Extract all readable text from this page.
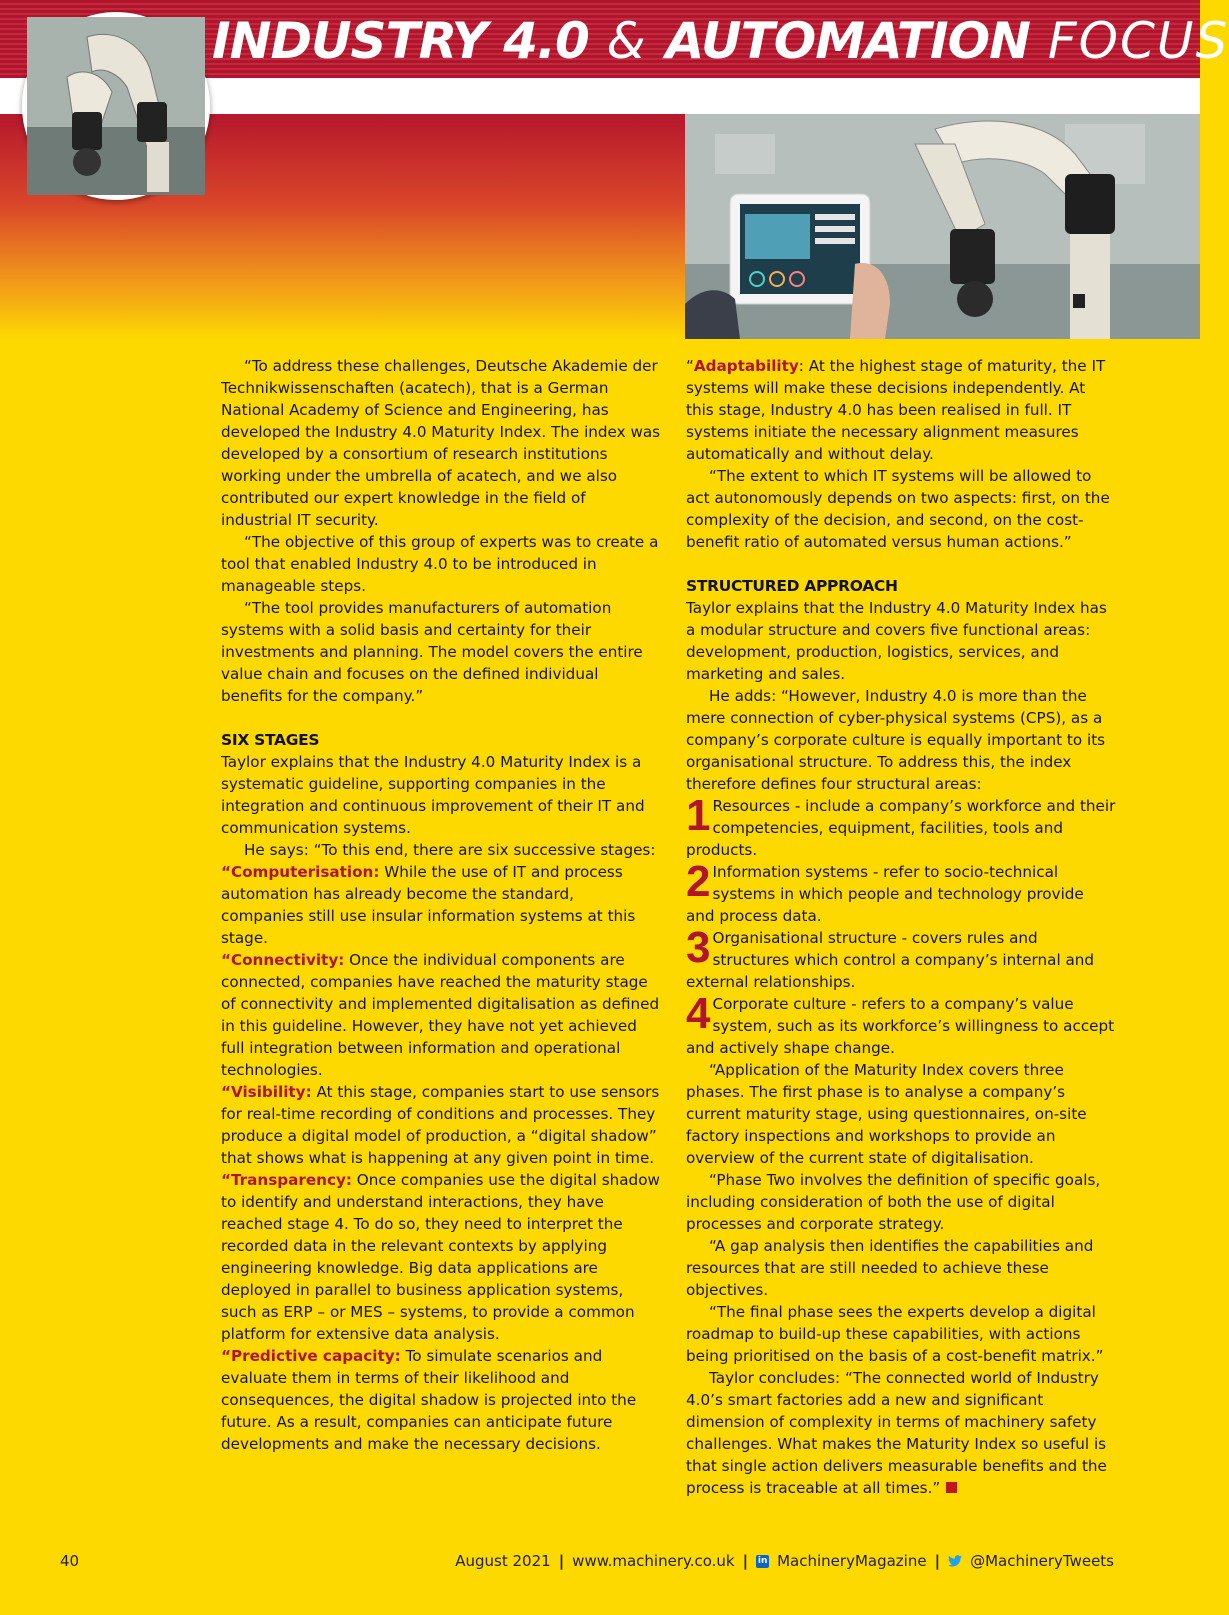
INDUSTRY 4.0 & AUTOMATION FOCUS

“To address these challenges, Deutsche Akademie der Technikwissenschaften (acatech), that is a German National Academy of Science and Engineering, has developed the Industry 4.0 Maturity Index. The index was developed by a consortium of research institutions working under the umbrella of acatech, and we also contributed our expert knowledge in the field of industrial IT security.

“The objective of this group of experts was to create a tool that enabled Industry 4.0 to be introduced in manageable steps.

“The tool provides manufacturers of automation systems with a solid basis and certainty for their investments and planning. The model covers the entire value chain and focuses on the defined individual benefits for the company.”

SIX STAGES

Taylor explains that the Industry 4.0 Maturity Index is a systematic guideline, supporting companies in the integration and continuous improvement of their IT and communication systems.

He says: “To this end, there are six successive stages:

“Computerisation: While the use of IT and process automation has already become the standard, companies still use insular information systems at this stage.

“Connectivity: Once the individual components are connected, companies have reached the maturity stage of connectivity and implemented digitalisation as defined in this guideline. However, they have not yet achieved full integration between information and operational technologies.

“Visibility: At this stage, companies start to use sensors for real-time recording of conditions and processes. They produce a digital model of production, a “digital shadow” that shows what is happening at any given point in time.

“Transparency: Once companies use the digital shadow to identify and understand interactions, they have reached stage 4. To do so, they need to interpret the recorded data in the relevant contexts by applying engineering knowledge. Big data applications are deployed in parallel to business application systems, such as ERP – or MES – systems, to provide a common platform for extensive data analysis.

“Predictive capacity: To simulate scenarios and evaluate them in terms of their likelihood and consequences, the digital shadow is projected into the future. As a result, companies can anticipate future developments and make the necessary decisions.

“Adaptability: At the highest stage of maturity, the IT systems will make these decisions independently. At this stage, Industry 4.0 has been realised in full. IT systems initiate the necessary alignment measures automatically and without delay.

“The extent to which IT systems will be allowed to act autonomously depends on two aspects: first, on the complexity of the decision, and second, on the cost-benefit ratio of automated versus human actions.”

STRUCTURED APPROACH

Taylor explains that the Industry 4.0 Maturity Index has a modular structure and covers five functional areas: development, production, logistics, services, and marketing and sales.

He adds: “However, Industry 4.0 is more than the mere connection of cyber-physical systems (CPS), as a company’s corporate culture is equally important to its organisational structure. To address this, the index therefore defines four structural areas:

1 Resources - include a company’s workforce and their competencies, equipment, facilities, tools and products.

2 Information systems - refer to socio-technical systems in which people and technology provide and process data.

3 Organisational structure - covers rules and structures which control a company’s internal and external relationships.

4 Corporate culture - refers to a company’s value system, such as its workforce’s willingness to accept and actively shape change.

“Application of the Maturity Index covers three phases. The first phase is to analyse a company’s current maturity stage, using questionnaires, on-site factory inspections and workshops to provide an overview of the current state of digitalisation.

“Phase Two involves the definition of specific goals, including consideration of both the use of digital processes and corporate strategy.

“A gap analysis then identifies the capabilities and resources that are still needed to achieve these objectives.

“The final phase sees the experts develop a digital roadmap to build-up these capabilities, with actions being prioritised on the basis of a cost-benefit matrix.”

Taylor concludes: “The connected world of Industry 4.0’s smart factories add a new and significant dimension of complexity in terms of machinery safety challenges. What makes the Maturity Index so useful is that single action delivers measurable benefits and the process is traceable at all times.”

40	August 2021 | www.machinery.co.uk | in MachineryMagazine | @MachineryTweets
